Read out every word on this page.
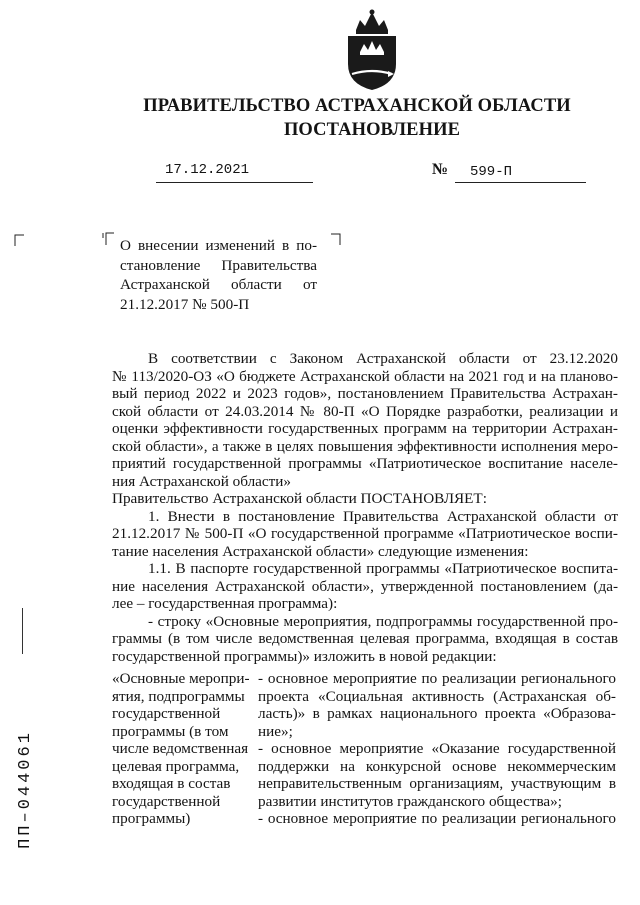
ПРАВИТЕЛЬСТВО АСТРАХАНСКОЙ ОБЛАСТИ
ПОСТАНОВЛЕНИЕ
17.12.2021	№ 599-П
О внесении изменений в по-
становление Правительства
Астраханской области от
21.12.2017 № 500-П
В соответствии с Законом Астраханской области от 23.12.2020
№ 113/2020-ОЗ «О бюджете Астраханской области на 2021 год и на планово-
вый период 2022 и 2023 годов», постановлением Правительства Астрахан-
ской области от 24.03.2014 № 80-П «О Порядке разработки, реализации и
оценки эффективности государственных программ на территории Астрахан-
ской области», а также в целях повышения эффективности исполнения меро-
приятий государственной программы «Патриотическое воспитание населе-
ния Астраханской области»
Правительство Астраханской области ПОСТАНОВЛЯЕТ:
1. Внести в постановление Правительства Астраханской области от
21.12.2017 № 500-П «О государственной программе «Патриотическое воспи-
тание населения Астраханской области» следующие изменения:
1.1. В паспорте государственной программы «Патриотическое воспита-
ние населения Астраханской области», утвержденной постановлением (да-
лее – государственная программа):
- строку «Основные мероприятия, подпрограммы государственной про-
граммы (в том числе ведомственная целевая программа, входящая в состав
государственной программы)» изложить в новой редакции:
«Основные меропри-
ятия, подпрограммы
государственной
программы (в том
числе ведомственная
целевая программа,
входящая в состав
государственной
программы)
- основное мероприятие по реализации регионального
проекта «Социальная активность (Астраханская об-
ласть)» в рамках национального проекта «Образова-
ние»;
- основное мероприятие «Оказание государственной
поддержки на конкурсной основе некоммерческим
неправительственным организациям, участвующим в
развитии институтов гражданского общества»;
- основное мероприятие по реализации регионального
ПП–044061
